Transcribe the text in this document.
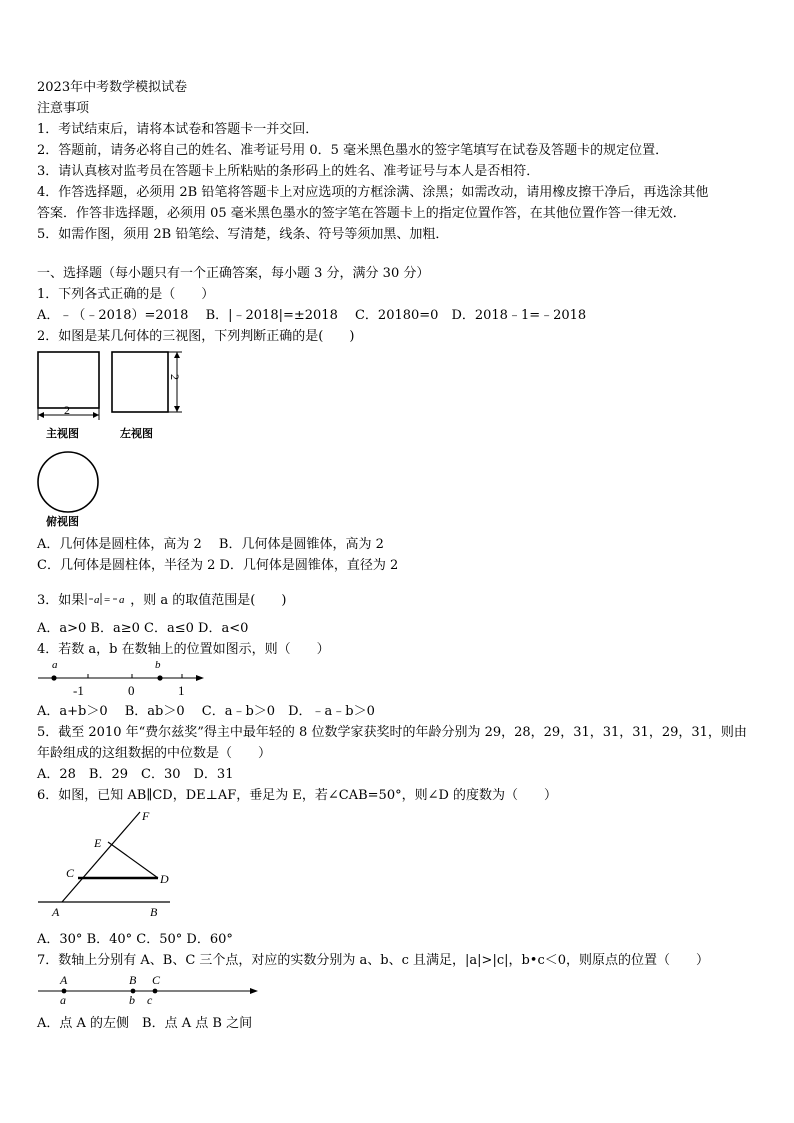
2023年中考数学模拟试卷
注意事项
1．考试结束后，请将本试卷和答题卡一并交回．
2．答题前，请务必将自己的姓名、准考证号用 0．5 毫米黑色墨水的签字笔填写在试卷及答题卡的规定位置．
3．请认真核对监考员在答题卡上所粘贴的条形码上的姓名、准考证号与本人是否相符．
4．作答选择题，必须用 2B 铅笔将答题卡上对应选项的方框涂满、涂黑；如需改动，请用橡皮擦干净后，再选涂其他
答案．作答非选择题，必须用 05 毫米黑色墨水的签字笔在答题卡上的指定位置作答，在其他位置作答一律无效．
5．如需作图，须用 2B 铅笔绘、写清楚，线条、符号等须加黑、加粗．
一、选择题（每小题只有一个正确答案，每小题 3 分，满分 30 分）
1．下列各式正确的是（　　）
A．﹣（﹣2018）=2018　 B．|﹣2018|=±2018　 C．20180=0　D．2018﹣1=﹣2018
2．如图是某几何体的三视图，下列判断正确的是(　　)
2
主视图
2
左视图
俯视图
A．几何体是圆柱体，高为 2　 B．几何体是圆锥体，高为 2
C．几何体是圆柱体，半径为 2 D．几何体是圆锥体，直径为 2
3．如果 a = a ，则 a 的取值范围是(　　)
A．a>0 B．a≥0 C．a≤0 D．a<0
4．若数 a，b 在数轴上的位置如图示，则（　　）
a	b
-1	0	1
A．a+b＞0　 B．ab＞0　 C．a﹣b＞0　D．﹣a﹣b＞0
5．截至 2010 年“费尔兹奖”得主中最年轻的 8 位数学家获奖时的年龄分别为 29，28，29，31，31，31，29，31，则由
年龄组成的这组数据的中位数是（　　）
A．28　B．29　C．30　D．31
6．如图，已知 AB∥CD，DE⊥AF，垂足为 E，若∠CAB=50°，则∠D 的度数为（　　）
F
E
C	D
A	B
A．30° B．40° C．50° D．60°
7．数轴上分别有 A、B、C 三个点，对应的实数分别为 a、b、c 且满足，|a|>|c|，b•c＜0，则原点的位置（　　）
A
a
B
b
C
c
A．点 A 的左侧　B．点 A 点 B 之间
